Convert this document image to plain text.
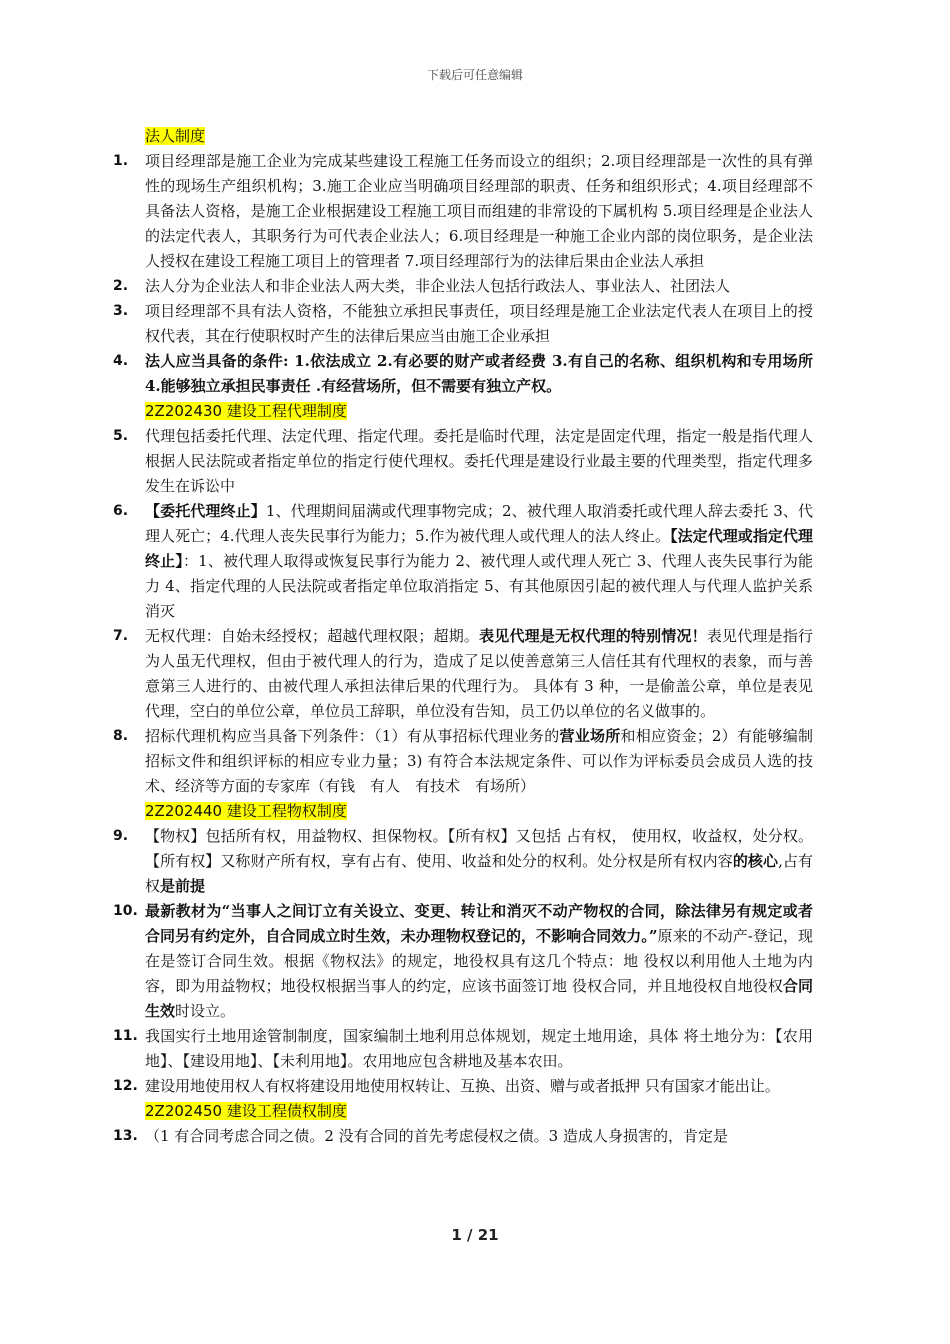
下载后可任意编辑
法人制度
1.	项目经理部是施工企业为完成某些建设工程施工任务而设立的组织；2.项目经理部是一次性的具有弹性的现场生产组织机构；3.施工企业应当明确项目经理部的职责、任务和组织形式；4.项目经理部不具备法人资格，是施工企业根据建设工程施工项目而组建的非常设的下属机构 5.项目经理是企业法人的法定代表人，其职务行为可代表企业法人；6.项目经理是一种施工企业内部的岗位职务，是企业法人授权在建设工程施工项目上的管理者 7.项目经理部行为的法律后果由企业法人承担
2.	法人分为企业法人和非企业法人两大类，非企业法人包括行政法人、事业法人、社团法人
3.	项目经理部不具有法人资格，不能独立承担民事责任，项目经理是施工企业法定代表人在项目上的授权代表，其在行使职权时产生的法律后果应当由施工企业承担
4.	法人应当具备的条件: 1.依法成立 2.有必要的财产或者经费 3.有自己的名称、组织机构和专用场所 4.能够独立承担民事责任 .有经营场所，但不需要有独立产权。
2Z202430 建设工程代理制度
5.	代理包括委托代理、法定代理、指定代理。委托是临时代理，法定是固定代理，指定一般是指代理人根据人民法院或者指定单位的指定行使代理权。委托代理是建设行业最主要的代理类型，指定代理多发生在诉讼中
6.	【委托代理终止】1、代理期间届满或代理事物完成；2、被代理人取消委托或代理人辞去委托 3、代理人死亡；4.代理人丧失民事行为能力；5.作为被代理人或代理人的法人终止。【法定代理或指定代理终止】：1、被代理人取得或恢复民事行为能力 2、被代理人或代理人死亡 3、代理人丧失民事行为能力 4、指定代理的人民法院或者指定单位取消指定 5、有其他原因引起的被代理人与代理人监护关系消灭
7.	无权代理：自始未经授权；超越代理权限；超期。表见代理是无权代理的特别情况！表见代理是指行为人虽无代理权，但由于被代理人的行为，造成了足以使善意第三人信任其有代理权的表象，而与善意第三人进行的、由被代理人承担法律后果的代理行为。 具体有 3 种，一是偷盖公章，单位是表见代理，空白的单位公章，单位员工辞职，单位没有告知，员工仍以单位的名义做事的。
8.	招标代理机构应当具备下列条件：（1）有从事招标代理业务的营业场所和相应资金；2）有能够编制招标文件和组织评标的相应专业力量；3) 有符合本法规定条件、可以作为评标委员会成员人选的技术、经济等方面的专家库（有钱　有人　有技术　有场所）
2Z202440 建设工程物权制度
9.	【物权】包括所有权，用益物权、担保物权。【所有权】又包括 占有权， 使用权，收益权，处分权。【所有权】又称财产所有权，享有占有、使用、收益和处分的权利。处分权是所有权内容的核心,占有权是前提
10. 最新教材为“当事人之间订立有关设立、变更、转让和消灭不动产物权的合同，除法律另有规定或者合同另有约定外，自合同成立时生效，未办理物权登记的，不影响合同效力。”原来的不动产-登记，现在是签订合同生效。根据《物权法》的规定，地役权具有这几个特点：地 役权以利用他人土地为内容，即为用益物权；地役权根据当事人的约定，应该书面签订地 役权合同，并且地役权自地役权合同生效时设立。
11. 我国实行土地用途管制制度，国家编制土地利用总体规划，规定土地用途，具体 将土地分为：【农用地】、【建设用地】、【未利用地】。农用地应包含耕地及基本农田。
12. 建设用地使用权人有权将建设用地使用权转让、互换、出资、赠与或者抵押 只有国家才能出让。
2Z202450 建设工程债权制度
13. （1 有合同考虑合同之债。2 没有合同的首先考虑侵权之债。3 造成人身损害的，肯定是
1 / 21
